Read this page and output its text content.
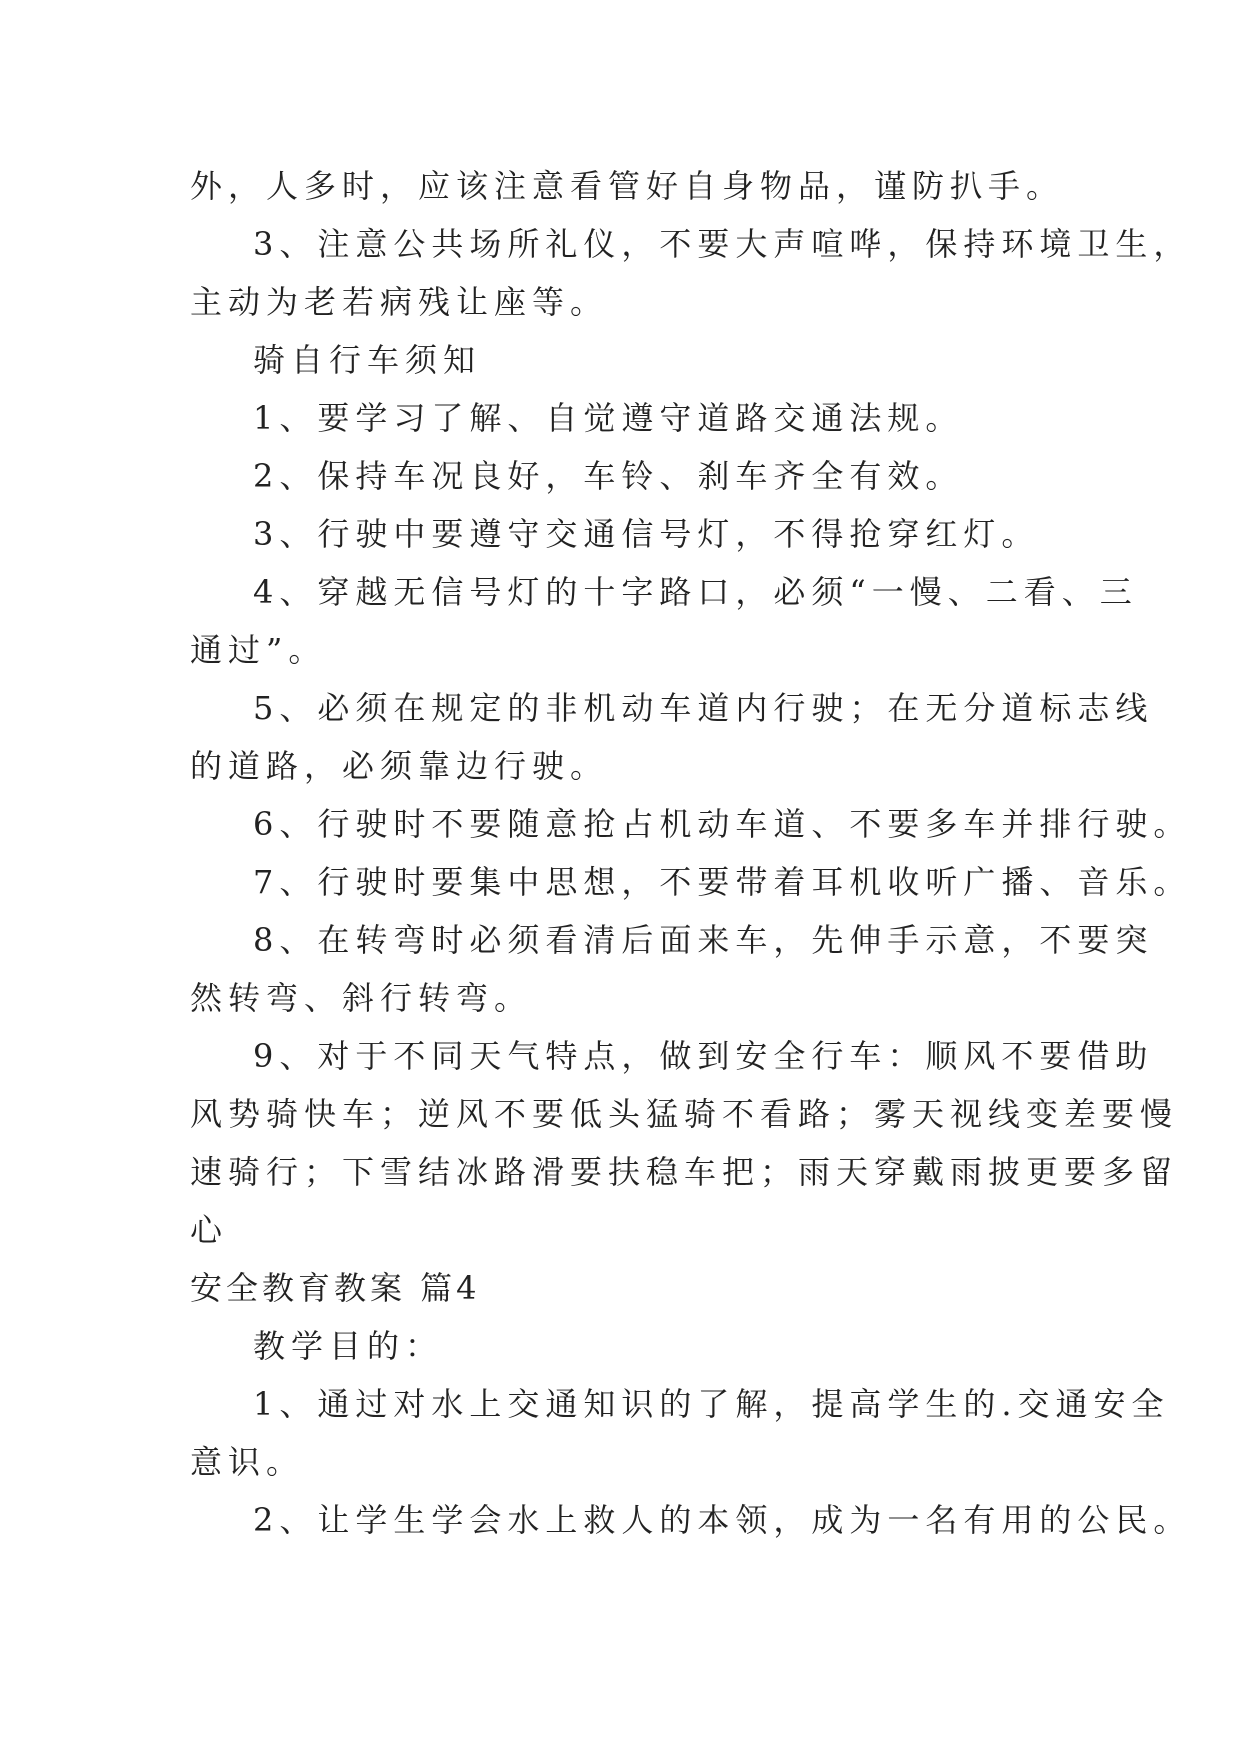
外，人多时，应该注意看管好自身物品，谨防扒手。
3、注意公共场所礼仪，不要大声喧哗，保持环境卫生，
主动为老若病残让座等。
骑自行车须知
1、要学习了解、自觉遵守道路交通法规。
2、保持车况良好，车铃、刹车齐全有效。
3、行驶中要遵守交通信号灯，不得抢穿红灯。
4、穿越无信号灯的十字路口，必须“一慢、二看、三
通过”。
5、必须在规定的非机动车道内行驶；在无分道标志线
的道路，必须靠边行驶。
6、行驶时不要随意抢占机动车道、不要多车并排行驶。
7、行驶时要集中思想，不要带着耳机收听广播、音乐。
8、在转弯时必须看清后面来车，先伸手示意，不要突
然转弯、斜行转弯。
9、对于不同天气特点，做到安全行车：顺风不要借助
风势骑快车；逆风不要低头猛骑不看路；雾天视线变差要慢
速骑行；下雪结冰路滑要扶稳车把；雨天穿戴雨披更要多留
心
安全教育教案 篇4
教学目的：
1、通过对水上交通知识的了解，提高学生的.交通安全
意识。
2、让学生学会水上救人的本领，成为一名有用的公民。
